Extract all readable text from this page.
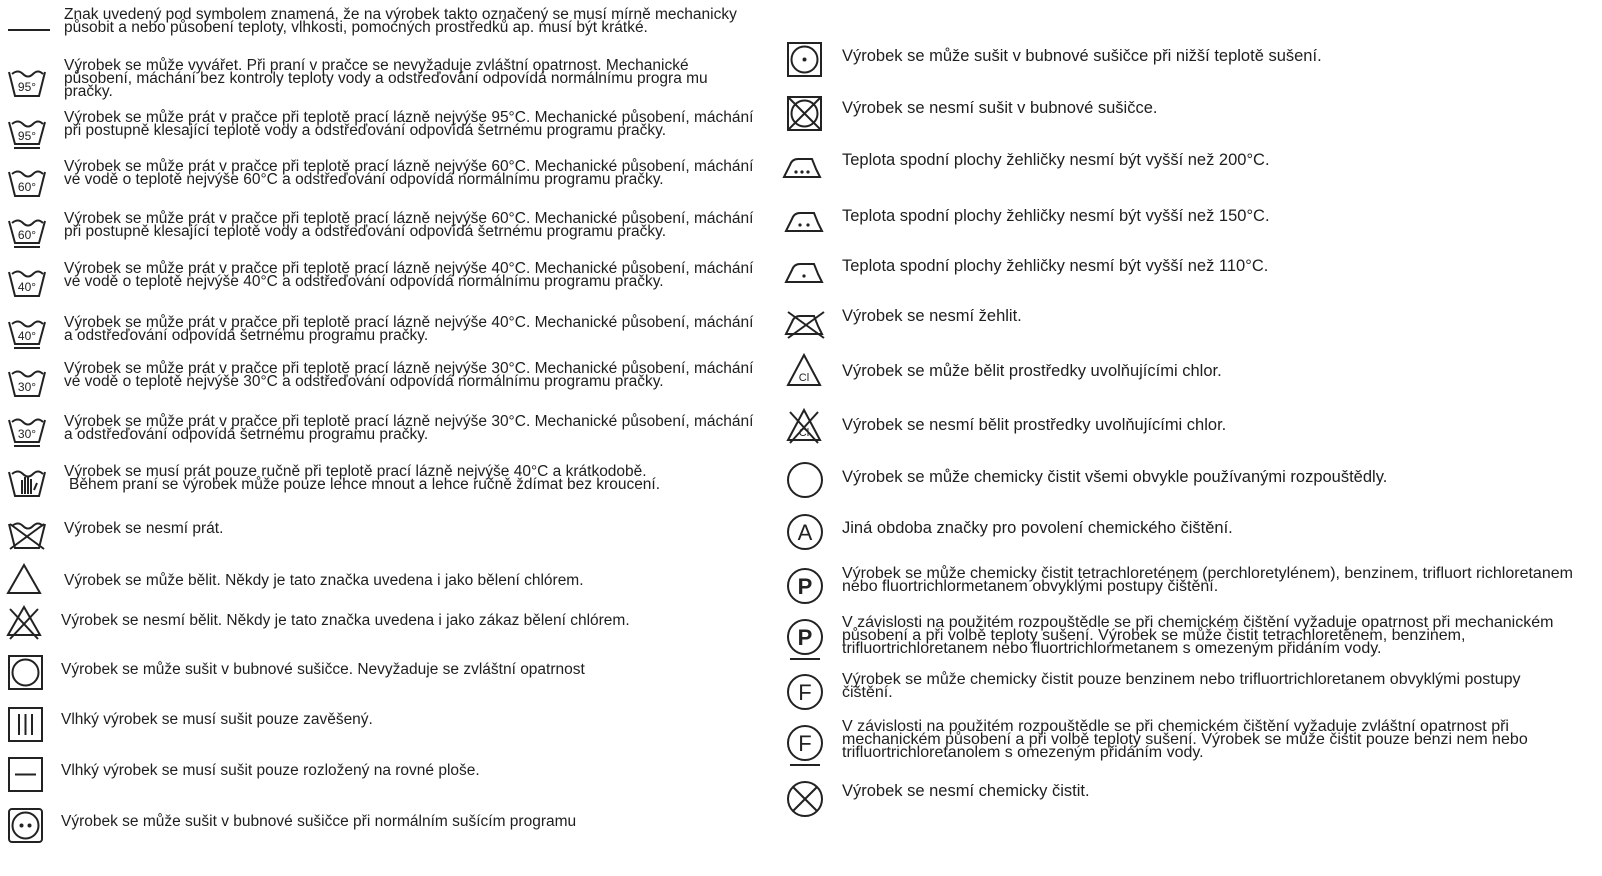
Znak uvedený pod symbolem znamená, že na výrobek takto označený se musí mírně mechanicky působit a nebo působení teploty, vlhkosti, pomocných prostředků ap. musí být krátké.
95°
Výrobek se může vyvářet. Při praní v pračce se nevyžaduje zvláštní opatrnost. Mechanické působení, máchání bez kontroly teploty vody a odstřeďování odpovídá normálnímu progra mu pračky.
95°
Výrobek se může prát v pračce při teplotě prací lázně nejvýše 95°C. Mechanické působení, máchání při postupně klesající teplotě vody a odstřeďování odpovídá šetrnému programu pračky.
60°
Výrobek se může prát v pračce při teplotě prací lázně nejvýše 60°C. Mechanické působení, máchání ve vodě o teplotě nejvýše 60°C a odstřeďování odpovídá normálnímu programu pračky.
60°
Výrobek se může prát v pračce při teplotě prací lázně nejvýše 60°C. Mechanické působení, máchání při postupně klesající teplotě vody a odstřeďování odpovídá šetrnému programu pračky.
40°
Výrobek se může prát v pračce při teplotě prací lázně nejvýše 40°C. Mechanické působení, máchání ve vodě o teplotě nejvýše 40°C a odstřeďování odpovídá normálnímu programu pračky.
40°
Výrobek se může prát v pračce při teplotě prací lázně nejvýše 40°C. Mechanické působení, máchání a odstřeďování odpovídá šetrnému programu pračky.
30°
Výrobek se může prát v pračce při teplotě prací lázně nejvýše 30°C. Mechanické působení, máchání ve vodě o teplotě nejvýše 30°C a odstřeďování odpovídá normálnímu programu pračky.
30°
Výrobek se může prát v pračce při teplotě prací lázně nejvýše 30°C. Mechanické působení, máchání a odstřeďování odpovídá šetrnému programu pračky.
Výrobek se musí prát pouze ručně při teplotě prací lázně nejvýše 40°C a krátkodobě.
Během praní se výrobek může pouze lehce mnout a lehce ručně ždímat bez kroucení.
Výrobek se nesmí prát.
Výrobek se může bělit. Někdy je tato značka uvedena i jako bělení chlórem.
Výrobek se nesmí bělit. Někdy je tato značka uvedena i jako zákaz bělení chlórem.
Výrobek se může sušit v bubnové sušičce. Nevyžaduje se zvláštní opatrnost
Vlhký výrobek se musí sušit pouze zavěšený.
Vlhký výrobek se musí sušit pouze rozložený na rovné ploše.
Výrobek se může sušit v bubnové sušičce při normálním sušícím programu
Výrobek se může sušit v bubnové sušičce při nižší teplotě sušení.
Výrobek se nesmí sušit v bubnové sušičce.
Teplota spodní plochy žehličky nesmí být vyšší než 200°C.
Teplota spodní plochy žehličky nesmí být vyšší než 150°C.
Teplota spodní plochy žehličky nesmí být vyšší než 110°C.
Výrobek se nesmí žehlit.
Cl Výrobek se může bělit prostředky uvolňujícími chlor.
Cl Výrobek se nesmí bělit prostředky uvolňujícími chlor.
Výrobek se může chemicky čistit všemi obvykle používanými rozpouštědly.
A Jiná obdoba značky pro povolení chemického čištění.
P
Výrobek se může chemicky čistit tetrachloreténem (perchloretylénem), benzinem, trifluort richloretanem nebo fluortrichlormetanem obvyklými postupy čištění.
P
V závislosti na použitém rozpouštědle se při chemickém čištění vyžaduje opatrnost při mechanickém působení a při volbě teploty sušení. Výrobek se může čistit tetrachloreténem, benzinem, trifluortrichloretanem nebo fluortrichlormetanem s omezeným přidáním vody.
F
Výrobek se může chemicky čistit pouze benzinem nebo trifluortrichloretanem obvyklými postupy čištění.
F
V závislosti na použitém rozpouštědle se při chemickém čištění vyžaduje zvláštní opatrnost při mechanickém působení a při volbě teploty sušení. Výrobek se může čistit pouze benzi nem nebo trifluortrichloretanolem s omezeným přidáním vody.
Výrobek se nesmí chemicky čistit.
